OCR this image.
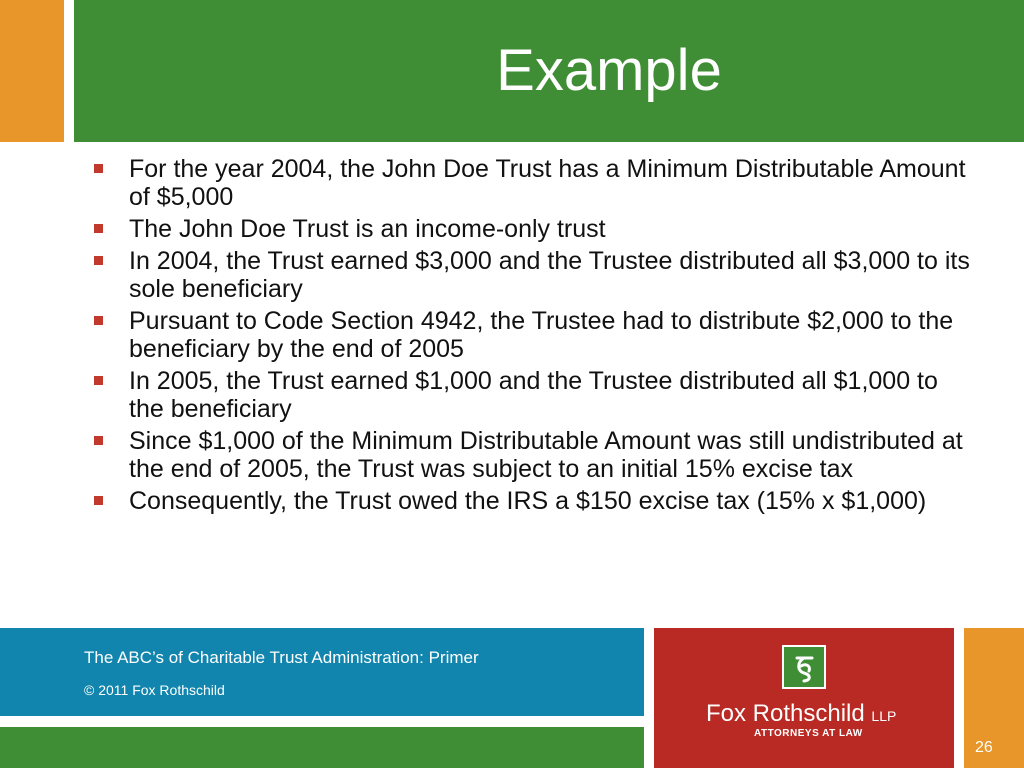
Example
For the year 2004, the John Doe Trust has a Minimum Distributable Amount of $5,000
The John Doe Trust is an income-only trust
In 2004, the Trust earned $3,000 and the Trustee distributed all $3,000 to its sole beneficiary
Pursuant to Code Section 4942, the Trustee had to distribute $2,000 to the beneficiary by the end of 2005
In 2005, the Trust earned $1,000 and the Trustee distributed all $1,000 to the beneficiary
Since $1,000 of the Minimum Distributable Amount was still undistributed at the end of 2005, the Trust was subject to an initial 15% excise tax
Consequently, the Trust owed the IRS a $150 excise tax (15% x $1,000)
The ABC’s of Charitable Trust Administration: Primer
© 2011 Fox Rothschild
Fox Rothschild LLP
ATTORNEYS AT LAW
26
